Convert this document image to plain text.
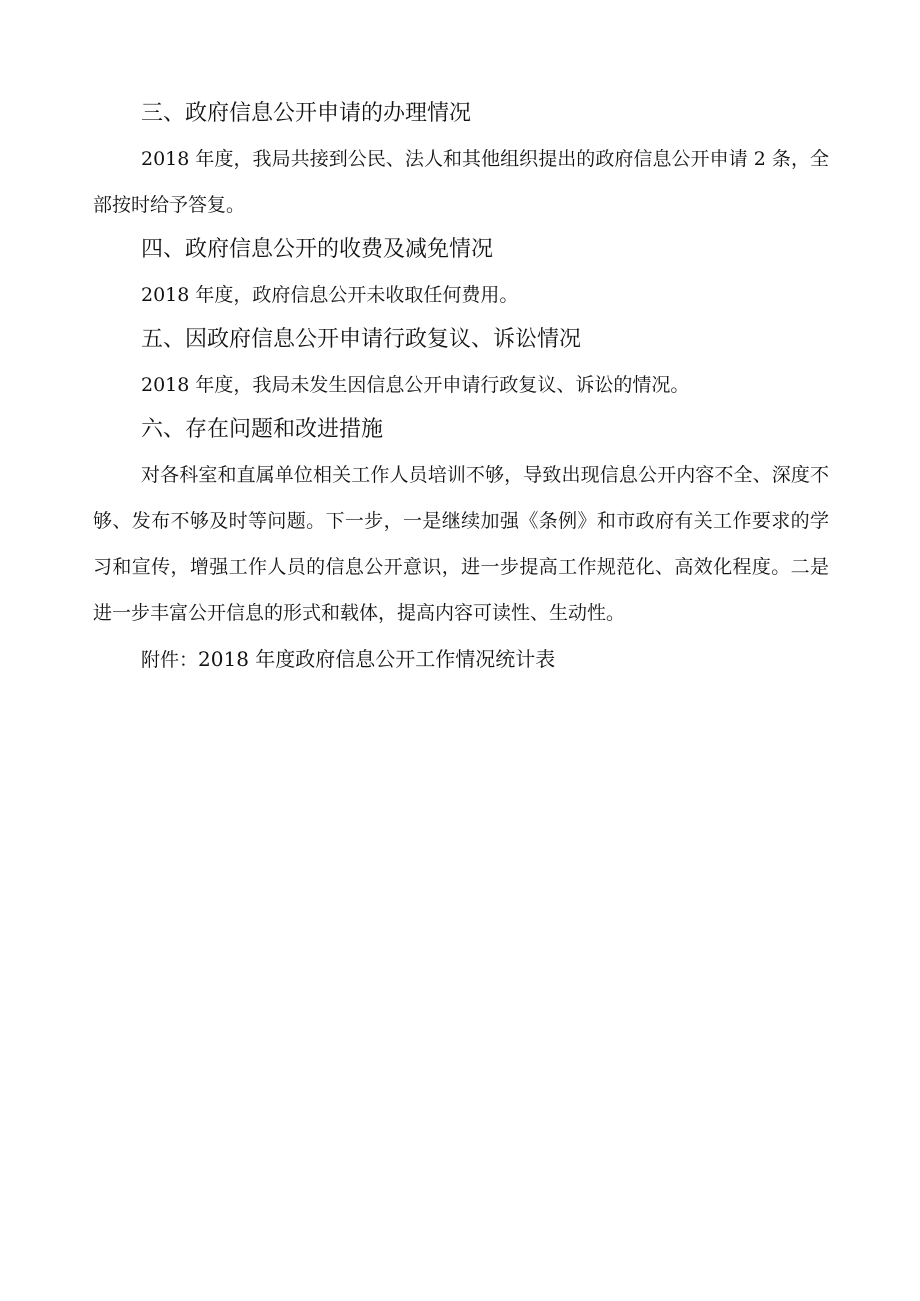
三、政府信息公开申请的办理情况

2018 年度，我局共接到公民、法人和其他组织提出的政府信息公开申请 2 条，全部按时给予答复。

四、政府信息公开的收费及减免情况

2018 年度，政府信息公开未收取任何费用。

五、因政府信息公开申请行政复议、诉讼情况

2018 年度，我局未发生因信息公开申请行政复议、诉讼的情况。

六、存在问题和改进措施

对各科室和直属单位相关工作人员培训不够，导致出现信息公开内容不全、深度不够、发布不够及时等问题。下一步，一是继续加强《条例》和市政府有关工作要求的学习和宣传，增强工作人员的信息公开意识，进一步提高工作规范化、高效化程度。二是进一步丰富公开信息的形式和载体，提高内容可读性、生动性。

附件：2018 年度政府信息公开工作情况统计表
